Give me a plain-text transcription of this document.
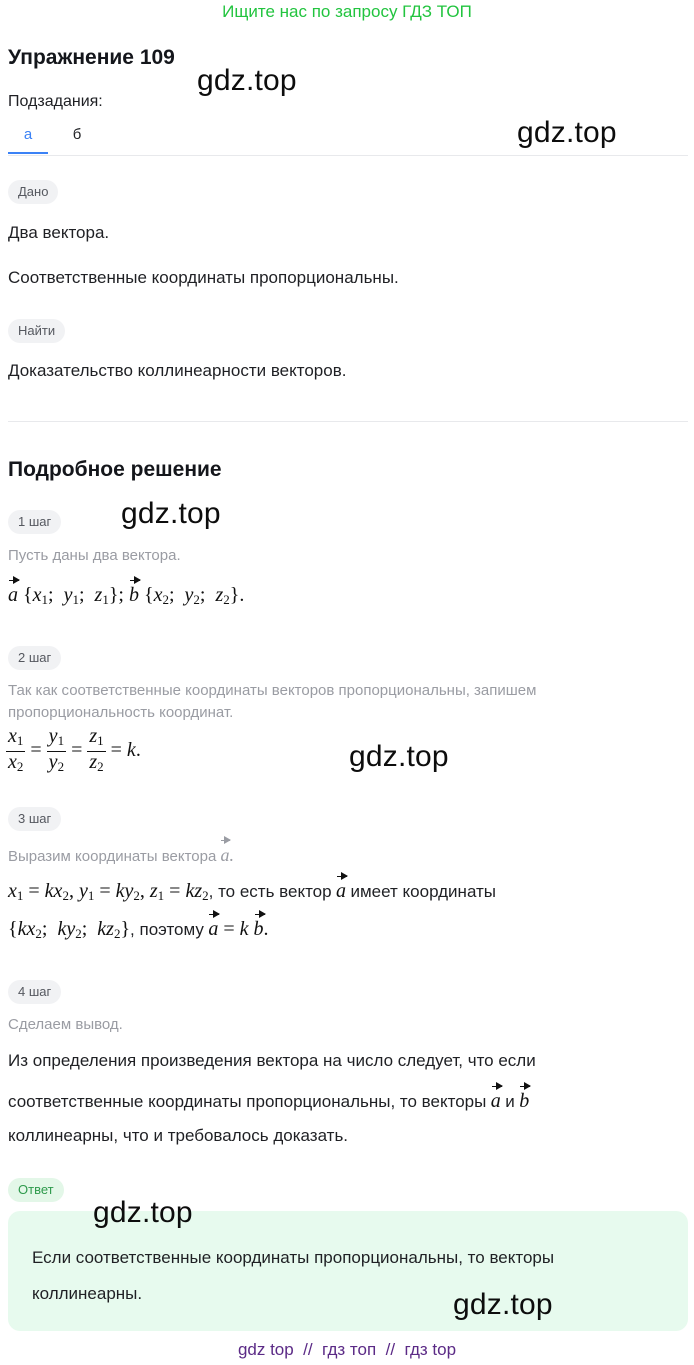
Ищите нас по запросу ГДЗ ТОП
Упражнение 109
gdz.top
Подзадания:
gdz.top
а	б
Дано
Два вектора.
Соответственные координаты пропорциональны.
Найти
Доказательство коллинеарности векторов.
Подробное решение
1 шаг	gdz.top
Пусть даны два вектора.
a {$x_1$;  $y_1$;  $z_1$}; b {$x_2$;  $y_2$;  $z_2$}.
2 шаг
Так как соответственные координаты векторов пропорциональны, запишем пропорциональность координат.
$\frac{x_1}{x_2} = \frac{y_1}{y_2} = \frac{z_1}{z_2} = k$.	gdz.top
3 шаг
Выразим координаты вектора a.
$x_1 = kx_2$, $y_1 = ky_2$, $z_1 = kz_2$, то есть вектор a имеет координаты
{$kx_2$;  $ky_2$;  $kz_2$}, поэтому a = k b.
4 шаг
Сделаем вывод.
Из определения произведения вектора на число следует, что если
соответственные координаты пропорциональны, то векторы a и b
коллинеарны, что и требовалось доказать.
Ответ
gdz.top
Если соответственные координаты пропорциональны, то векторы
коллинеарны.	gdz.top
gdz top  //  гдз топ  //  гдз top
